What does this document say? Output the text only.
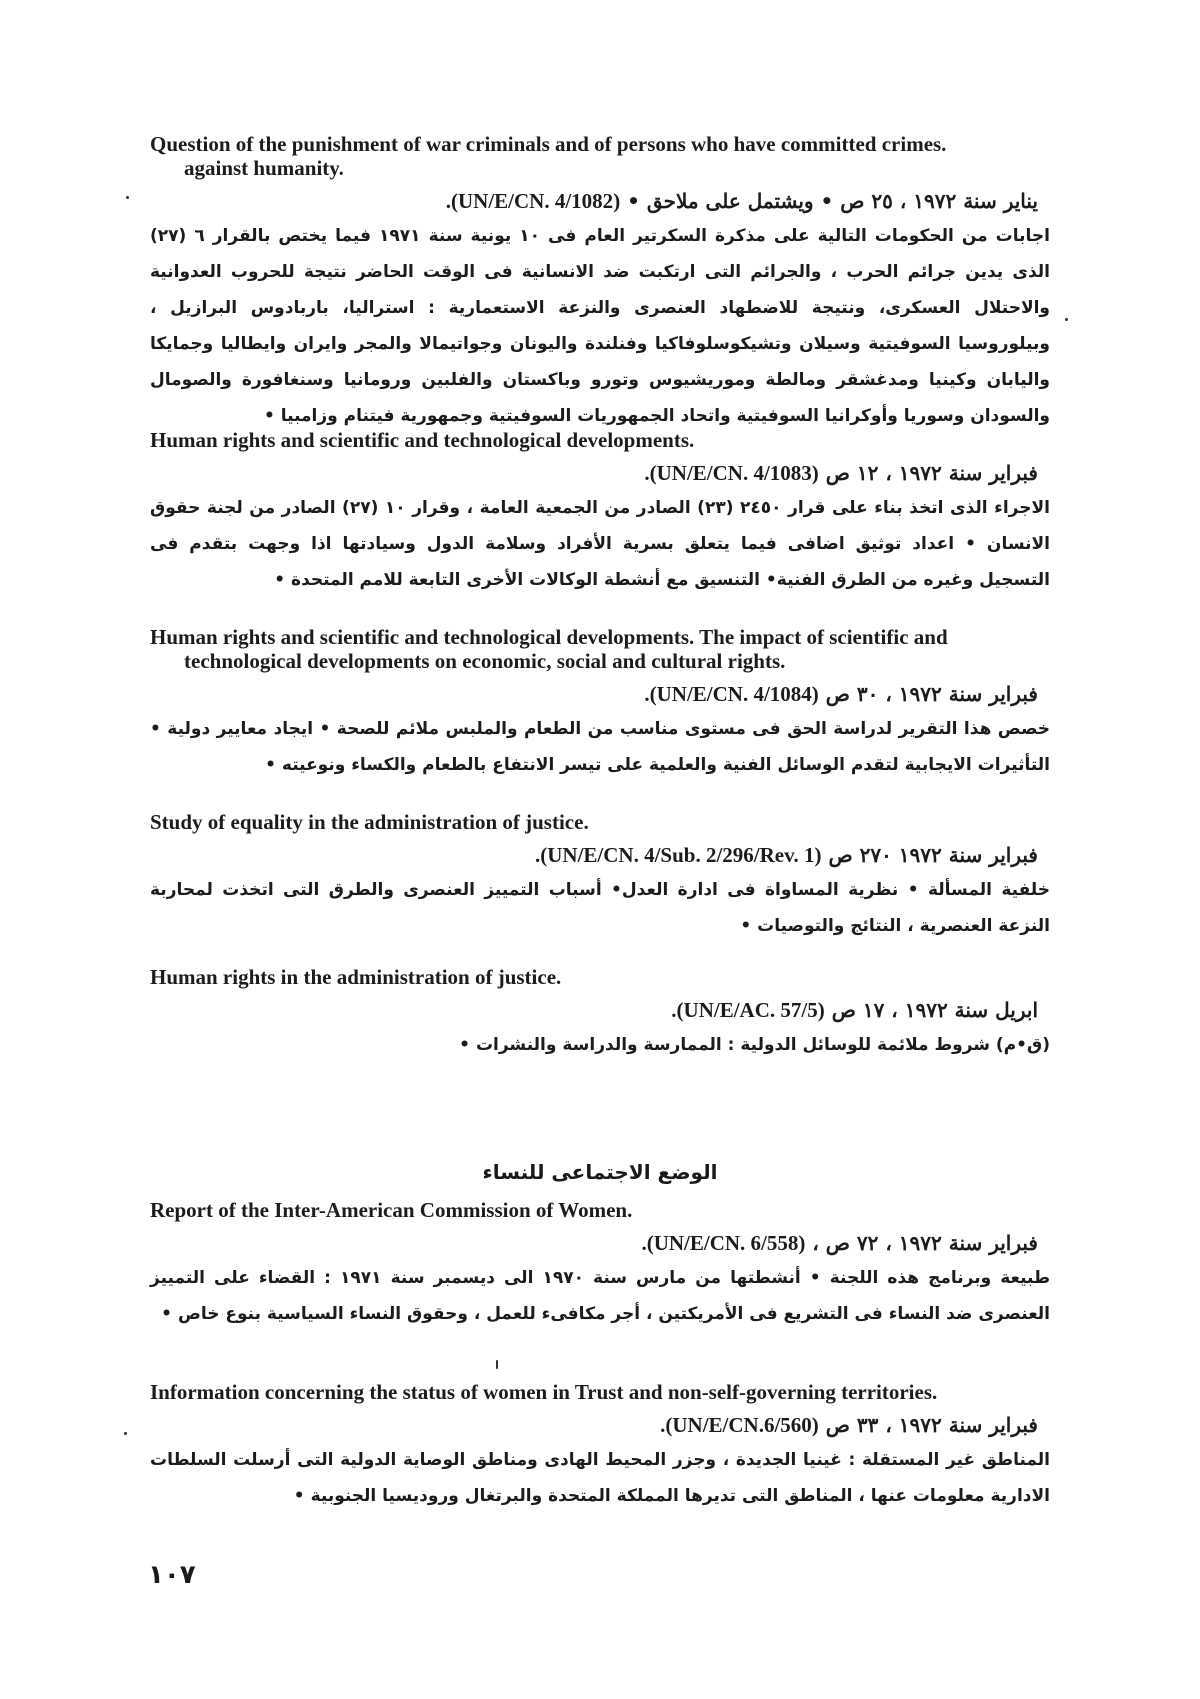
Question of the punishment of war criminals and of persons who have committed crimes.
against humanity.

يناير سنة ١٩٧٢ ، ٢٥ ص • ويشتمل على ملاحق • (UN/E/CN. 4/1082).

اجابات من الحكومات التالية على مذكرة السكرتير العام فى ١٠ يونية سنة ١٩٧١ فيما يختص بالقرار ٦ (٢٧) الذى يدين جرائم الحرب ، والجرائم التى ارتكبت ضد الانسانية فى الوقت الحاضر نتيجة للحروب العدوانية والاحتلال العسكرى، ونتيجة للاضطهاد العنصرى والنزعة الاستعمارية : استراليا، باربادوس البرازيل ، وبيلوروسيا السوفيتية وسيلان وتشيكوسلوفاكيا وفنلندة واليونان وجواتيمالا والمجر وايران وايطاليا وجمايكا واليابان وكينيا ومدغشقر ومالطة وموريشيوس وتورو وباكستان والفلبين ورومانيا وسنغافورة والصومال والسودان وسوريا وأوكرانيا السوفيتية واتحاد الجمهوريات السوفيتية وجمهورية فيتنام وزامبيا •

Human rights and scientific and technological developments.

فبراير سنة ١٩٧٢ ، ١٢ ص (UN/E/CN. 4/1083).

الاجراء الذى اتخذ بناء على قرار ٢٤٥٠ (٢٣) الصادر من الجمعية العامة ، وقرار ١٠ (٢٧) الصادر من لجنة حقوق الانسان • اعداد توثيق اضافى فيما يتعلق بسرية الأفراد وسلامة الدول وسيادتها اذا وجهت بتقدم فى التسجيل وغيره من الطرق الفنية• التنسيق مع أنشطة الوكالات الأخرى التابعة للامم المتحدة •

Human rights and scientific and technological developments. The impact of scientific and
technological developments on economic, social and cultural rights.

فبراير سنة ١٩٧٢ ، ٣٠ ص (UN/E/CN. 4/1084).

خصص هذا التقرير لدراسة الحق فى مستوى مناسب من الطعام والملبس ملائم للصحة • ايجاد معايير دولية • التأثيرات الايجابية لتقدم الوسائل الفنية والعلمية على تيسر الانتفاع بالطعام والكساء ونوعيته •

Study of equality in the administration of justice.

فبراير سنة ١٩٧٢ ٢٧٠ ص (UN/E/CN. 4/Sub. 2/296/Rev. 1).

خلفية المسألة • نظرية المساواة فى ادارة العدل• أسباب التمييز العنصرى والطرق التى اتخذت لمحاربة النزعة العنصرية ، النتائج والتوصيات •

Human rights in the administration of justice.

ابريل سنة ١٩٧٢ ، ١٧ ص (UN/E/AC. 57/5).

(ق•م) شروط ملائمة للوسائل الدولية : الممارسة والدراسة والنشرات •

الوضع الاجتماعى للنساء

Report of the Inter-American Commission of Women.

فبراير سنة ١٩٧٢ ، ٧٢ ص ، (UN/E/CN. 6/558).

طبيعة وبرنامج هذه اللجنة • أنشطتها من مارس سنة ١٩٧٠ الى ديسمبر سنة ١٩٧١ : القضاء على التمييز العنصرى ضد النساء فى التشريع فى الأمريكتين ، أجر مكافىء للعمل ، وحقوق النساء السياسية بنوع خاص •

Information concerning the status of women in Trust and non-self-governing territories.

فبراير سنة ١٩٧٢ ، ٣٣ ص (UN/E/CN.6/560).

المناطق غير المستقلة : غينيا الجديدة ، وجزر المحيط الهادى ومناطق الوصاية الدولية التى أرسلت السلطات الادارية معلومات عنها ، المناطق التى تديرها المملكة المتحدة والبرتغال وروديسيا الجنوبية •

١٠٧
